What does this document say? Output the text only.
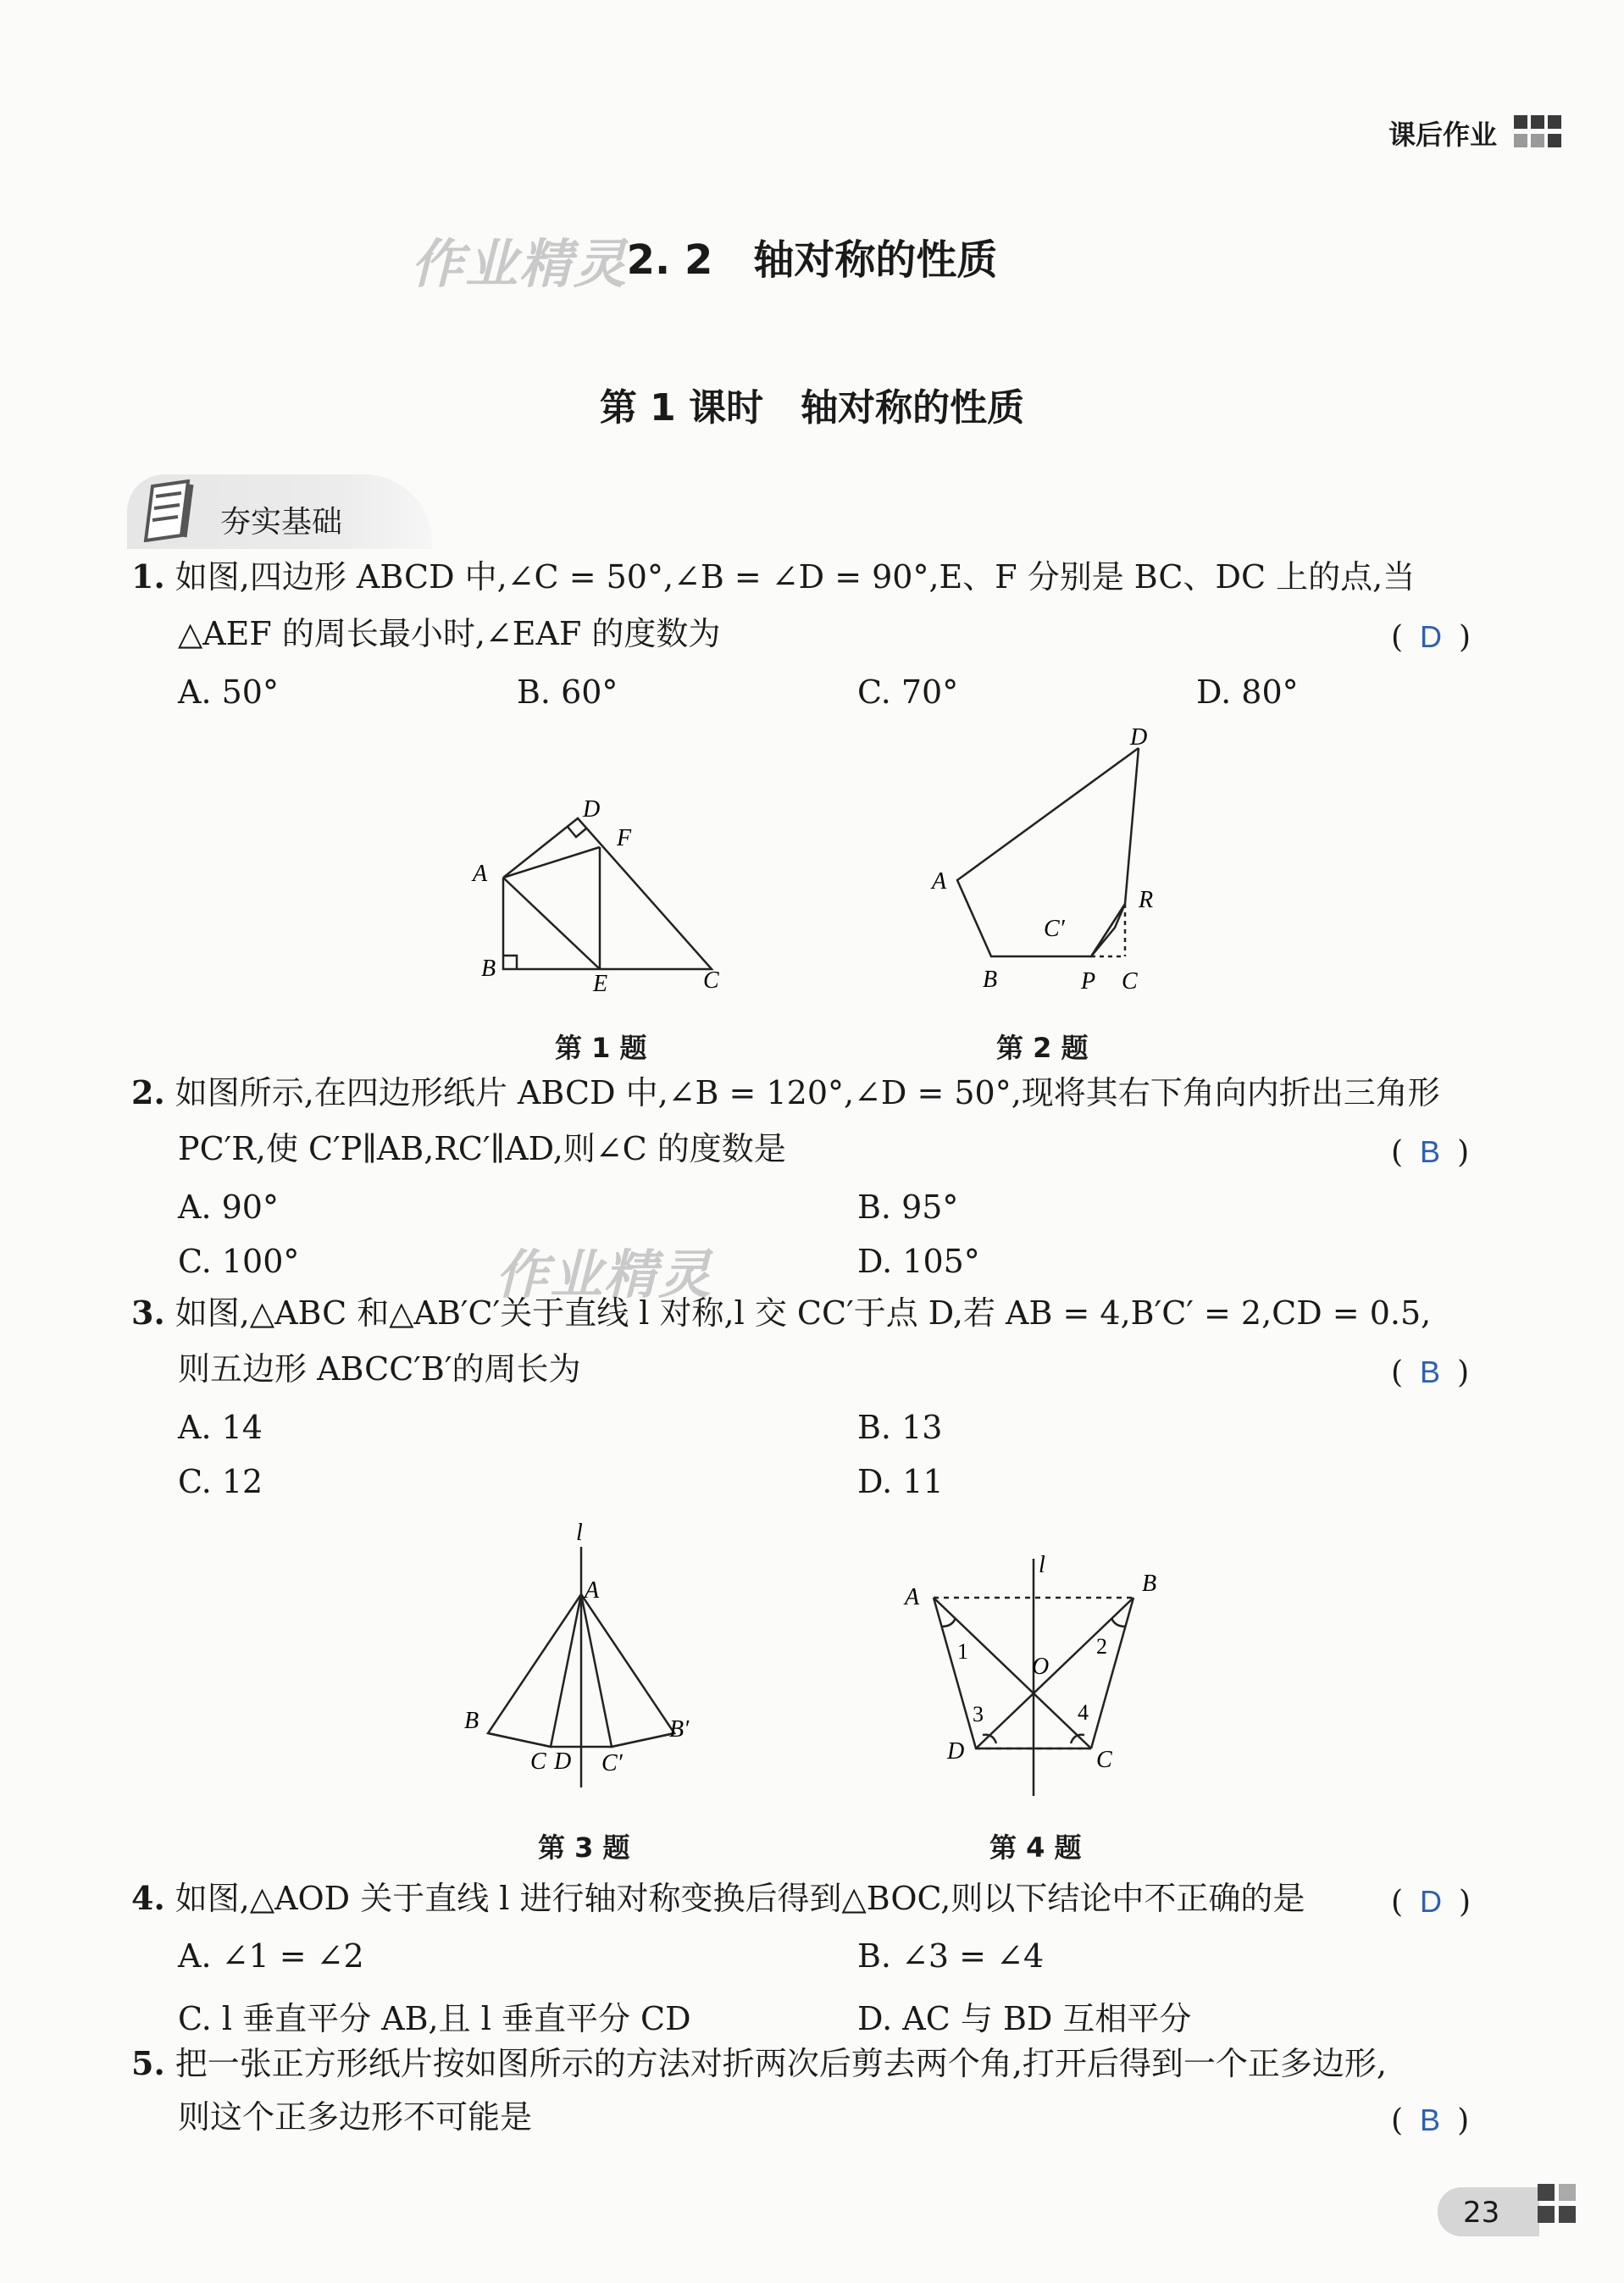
课后作业
作业精灵
作业精灵
2. 2 轴对称的性质
第 1 课时 轴对称的性质
夯实基础
1. 如图,四边形 ABCD 中,∠C = 50°,∠B = ∠D = 90°,E、F 分别是 BC、DC 上的点,当
△AEF 的周长最小时,∠EAF 的度数为	( D )
A. 50°	B. 60°	C. 70°	D. 80°
D
F
A
B
E	C
第 1 题
D
A
R
C′
B	P C
第 2 题
2. 如图所示,在四边形纸片 ABCD 中,∠B = 120°,∠D = 50°,现将其右下角向内折出三角形
PC′R,使 C′P∥AB,RC′∥AD,则∠C 的度数是	( B )
A. 90°	B. 95°
C. 100°	D. 105°
3. 如图,△ABC 和△AB′C′关于直线 l 对称,l 交 CC′于点 D,若 AB = 4,B′C′ = 2,CD = 0.5,
则五边形 ABCC′B′的周长为	( B )
A. 14	B. 13
C. 12	D. 11
l
A
B	B′
C D C′
第 3 题
l
A
B
1	2
O
3	4
D	C
第 4 题
4. 如图,△AOD 关于直线 l 进行轴对称变换后得到△BOC,则以下结论中不正确的是	( D )
A. ∠1 = ∠2	B. ∠3 = ∠4
C. l 垂直平分 AB,且 l 垂直平分 CD	D. AC 与 BD 互相平分
5. 把一张正方形纸片按如图所示的方法对折两次后剪去两个角,打开后得到一个正多边形,
则这个正多边形不可能是	( B )
23
